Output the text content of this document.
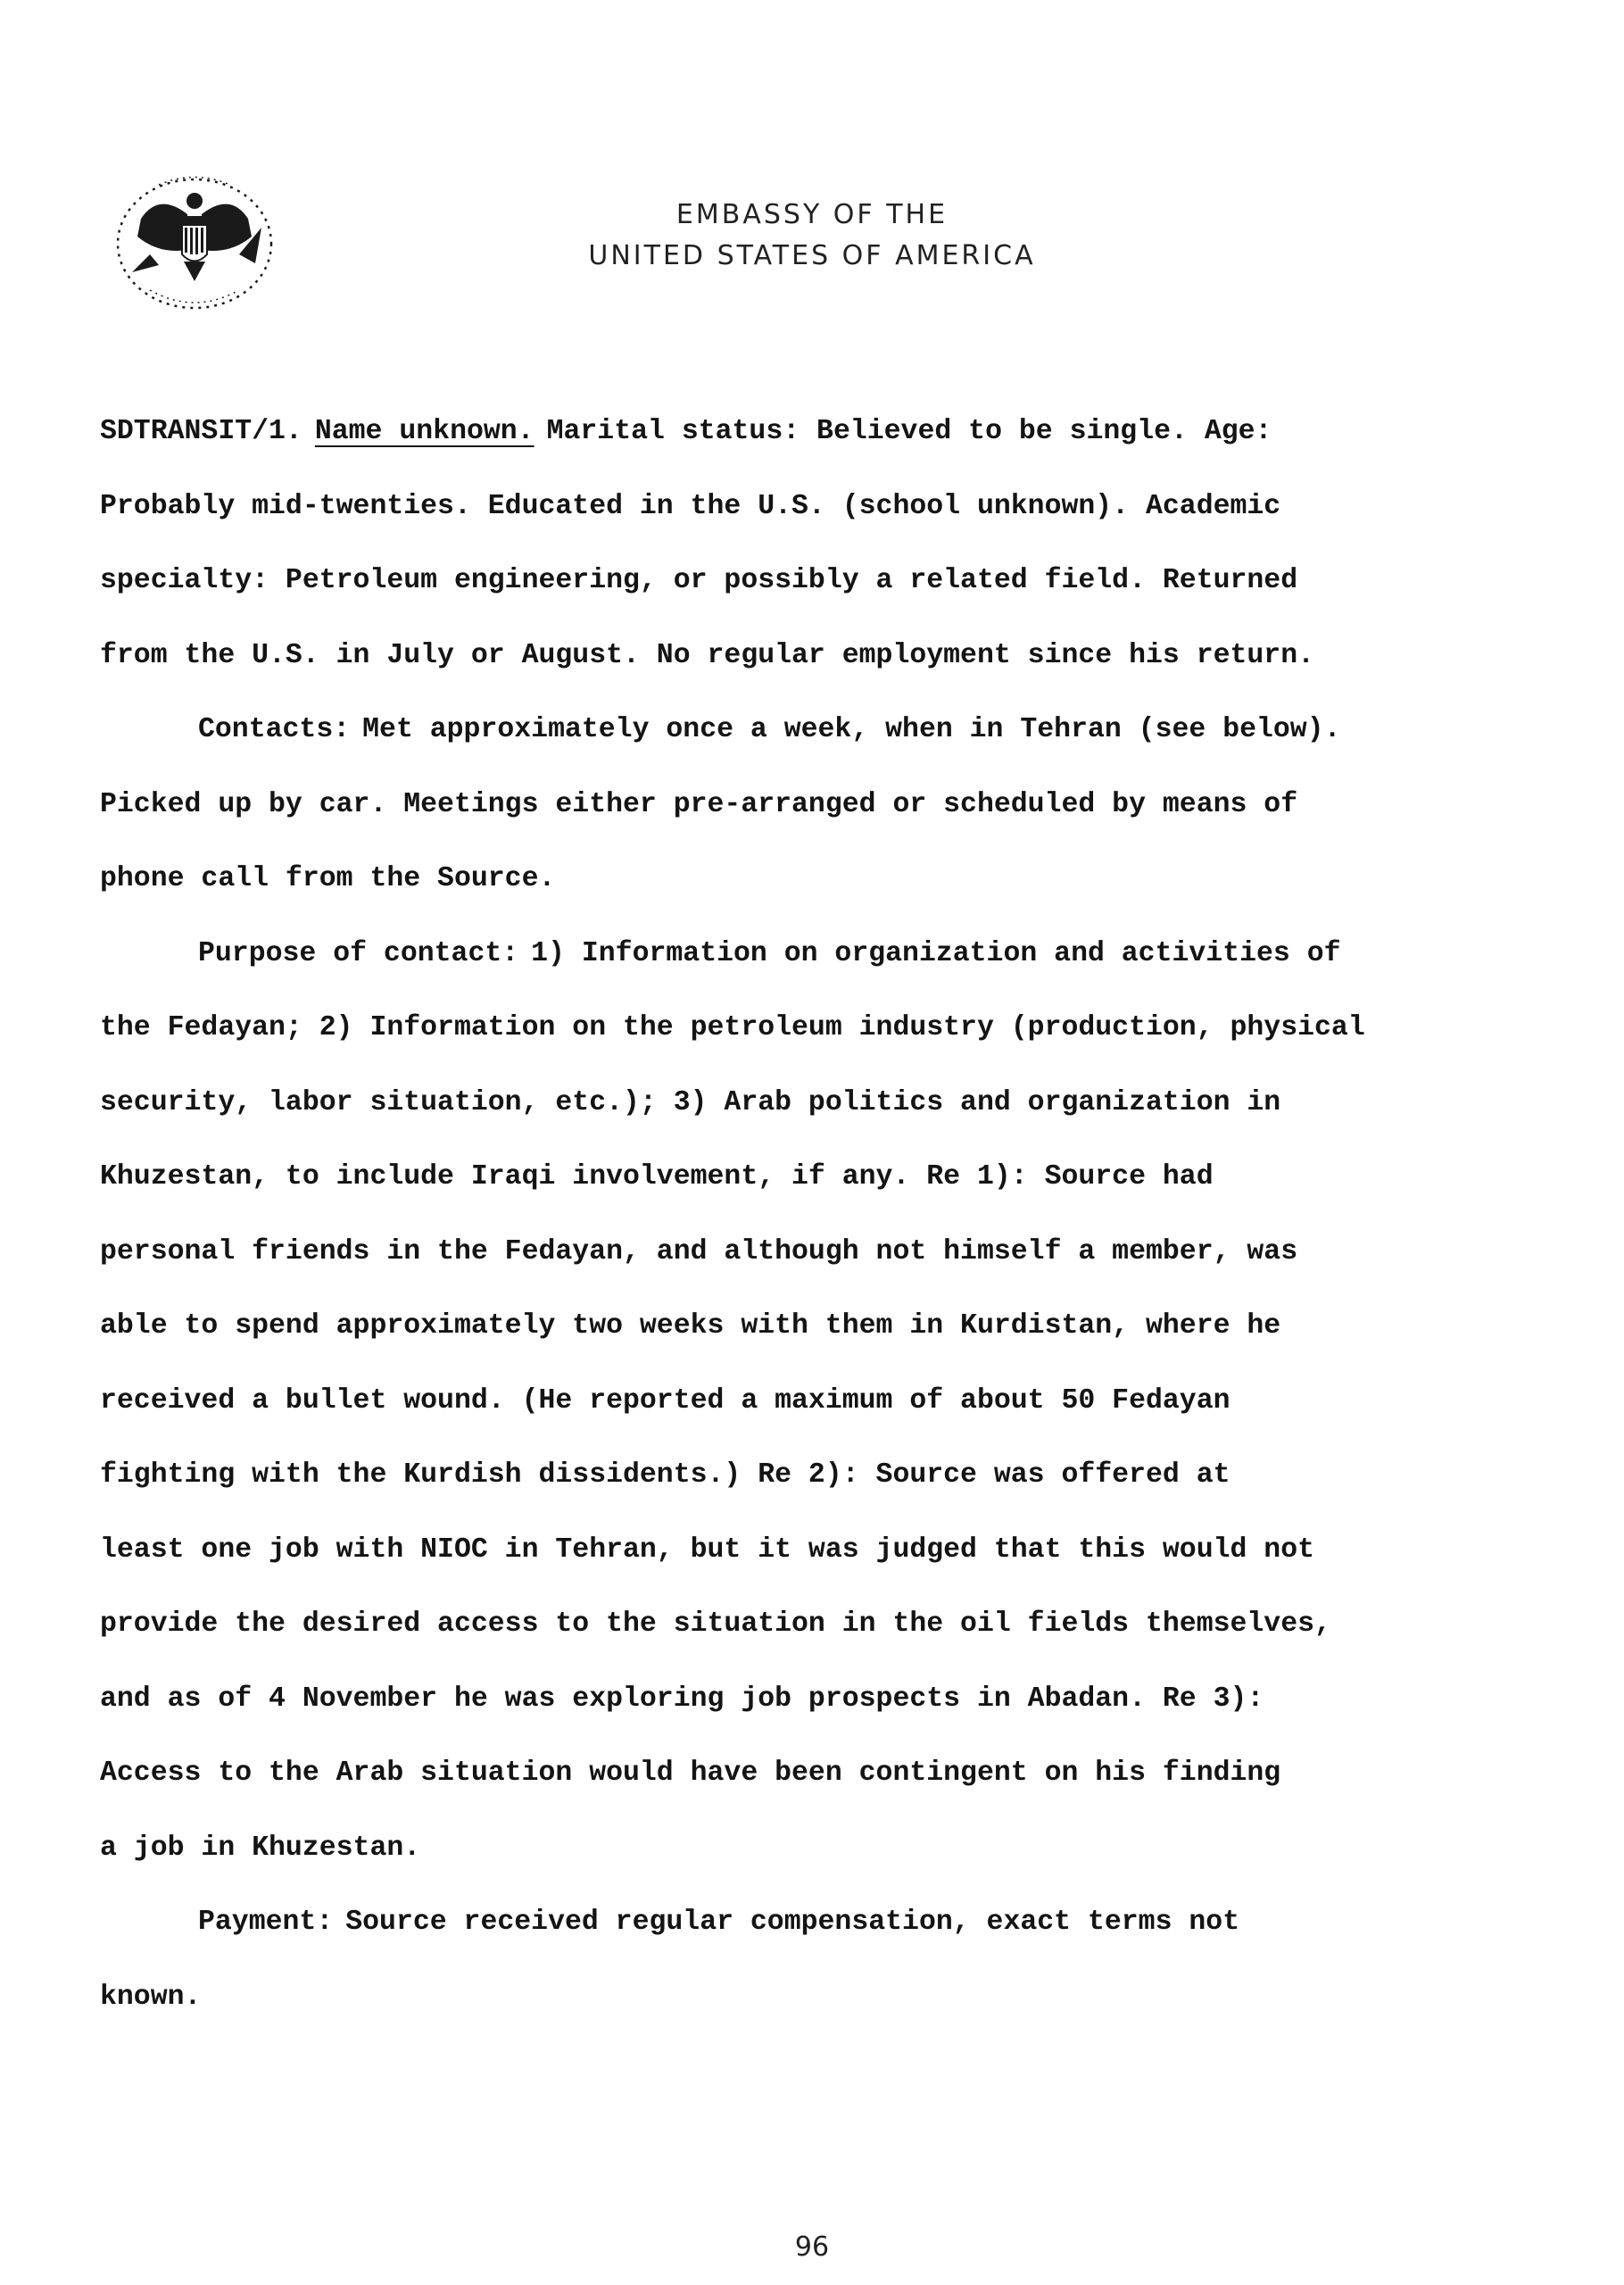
EMBASSY OF THE
UNITED STATES OF AMERICA
SDTRANSIT/1. Name unknown. Marital status: Believed to be single. Age:
Probably mid-twenties. Educated in the U.S. (school unknown). Academic
specialty: Petroleum engineering, or possibly a related field. Returned
from the U.S. in July or August. No regular employment since his return.
Contacts: Met approximately once a week, when in Tehran (see below).
Picked up by car. Meetings either pre-arranged or scheduled by means of
phone call from the Source.
Purpose of contact: 1) Information on organization and activities of
the Fedayan; 2) Information on the petroleum industry (production, physical
security, labor situation, etc.); 3) Arab politics and organization in
Khuzestan, to include Iraqi involvement, if any. Re 1): Source had
personal friends in the Fedayan, and although not himself a member, was
able to spend approximately two weeks with them in Kurdistan, where he
received a bullet wound. (He reported a maximum of about 50 Fedayan
fighting with the Kurdish dissidents.) Re 2): Source was offered at
least one job with NIOC in Tehran, but it was judged that this would not
provide the desired access to the situation in the oil fields themselves,
and as of 4 November he was exploring job prospects in Abadan. Re 3):
Access to the Arab situation would have been contingent on his finding
a job in Khuzestan.
Payment: Source received regular compensation, exact terms not
known.
96
